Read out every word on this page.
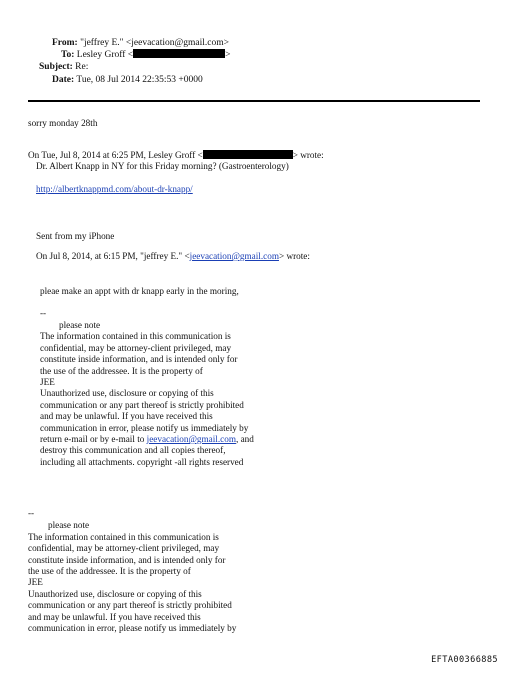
From: "jeffrey E." <jeevacation@gmail.com>
To: Lesley Groff <	>
Subject: Re:
Date: Tue, 08 Jul 2014 22:35:53 +0000
sorry monday 28th
On Tue, Jul 8, 2014 at 6:25 PM, Lesley Groff <	> wrote:
Dr. Albert Knapp in NY for this Friday morning? (Gastroenterology)
http://albertknappmd.com/about-dr-knapp/
Sent from my iPhone
On Jul 8, 2014, at 6:15 PM, "jeffrey E." <jeevacation@gmail.com> wrote:
pleae make an appt with dr knapp early in the moring,
--
please note
The information contained in this communication is
confidential, may be attorney-client privileged, may
constitute inside information, and is intended only for
the use of the addressee. It is the property of
JEE
Unauthorized use, disclosure or copying of this
communication or any part thereof is strictly prohibited
and may be unlawful. If you have received this
communication in error, please notify us immediately by
return e-mail or by e-mail to jeevacation@gmail.com, and
destroy this communication and all copies thereof,
including all attachments. copyright -all rights reserved
--
please note
The information contained in this communication is
confidential, may be attorney-client privileged, may
constitute inside information, and is intended only for
the use of the addressee. It is the property of
JEE
Unauthorized use, disclosure or copying of this
communication or any part thereof is strictly prohibited
and may be unlawful. If you have received this
communication in error, please notify us immediately by
EFTA00366885
